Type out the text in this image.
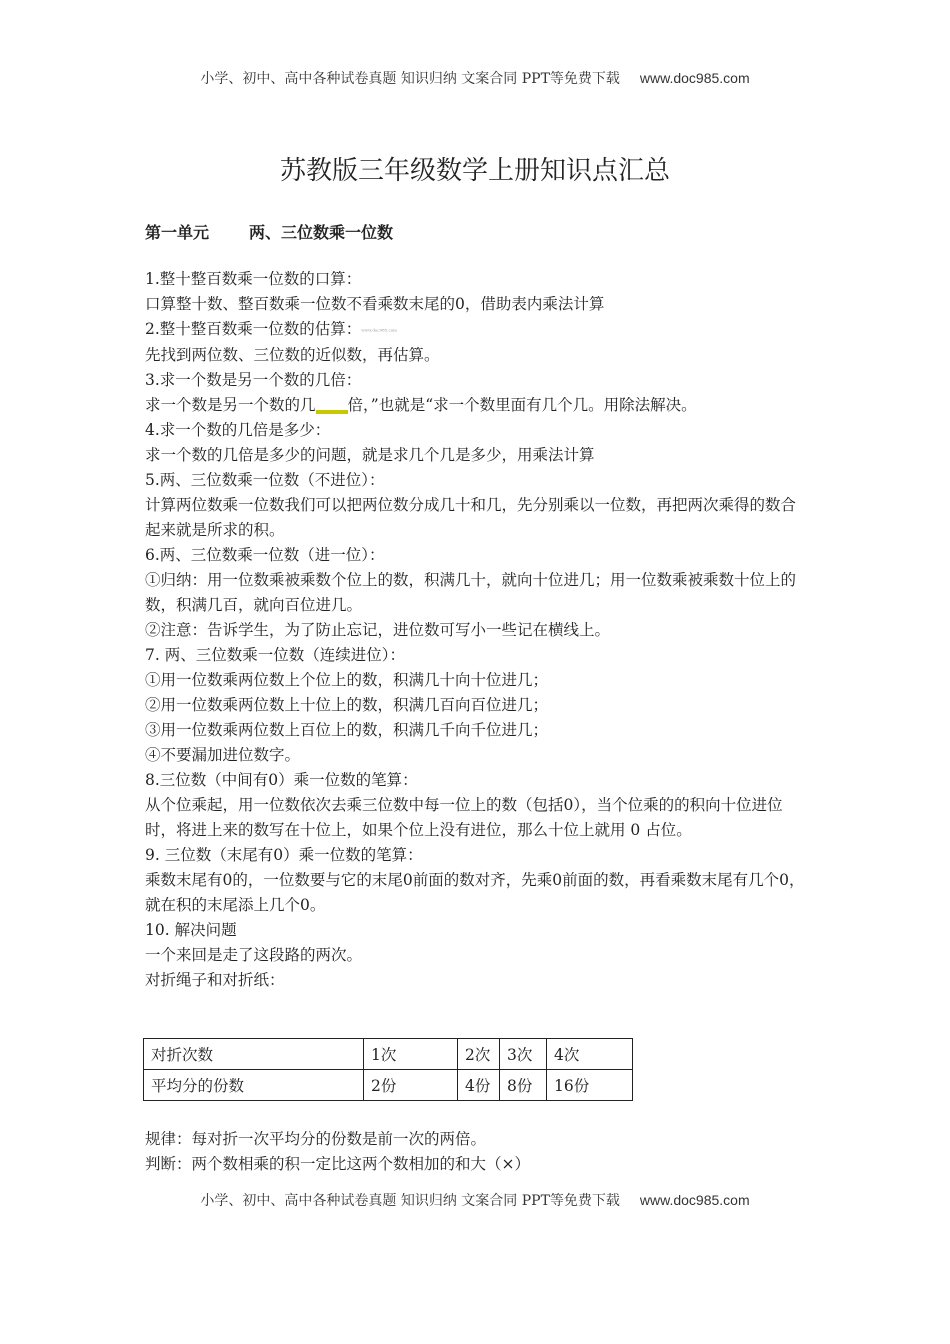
小学、初中、高中各种试卷真题 知识归纳 文案合同 PPT等免费下载 www.doc985.com
苏教版三年级数学上册知识点汇总
第一单元	两、三位数乘一位数

1.整十整百数乘一位数的口算：

口算整十数、整百数乘一位数不看乘数末尾的0，借助表内乘法计算

2.整十整百数乘一位数的估算：www.doc985.com

先找到两位数、三位数的近似数，再估算。

3.求一个数是另一个数的几倍：

求一个数是另一个数的几 倍，”也就是“求一个数里面有几个几。用除法解决。

4.求一个数的几倍是多少：

求一个数的几倍是多少的问题，就是求几个几是多少，用乘法计算

5.两、三位数乘一位数（不进位）：

计算两位数乘一位数我们可以把两位数分成几十和几，先分别乘以一位数，再把两次乘得的数合起来就是所求的积。

6.两、三位数乘一位数（进一位）：

①归纳：用一位数乘被乘数个位上的数，积满几十，就向十位进几；用一位数乘被乘数十位上的数，积满几百，就向百位进几。

②注意：告诉学生，为了防止忘记，进位数可写小一些记在横线上。

7. 两、三位数乘一位数（连续进位）：

①用一位数乘两位数上个位上的数，积满几十向十位进几；

②用一位数乘两位数上十位上的数，积满几百向百位进几；

③用一位数乘两位数上百位上的数，积满几千向千位进几；

④不要漏加进位数字。

8.三位数（中间有0）乘一位数的笔算：

从个位乘起，用一位数依次去乘三位数中每一位上的数（包括0），当个位乘的的积向十位进位时，将进上来的数写在十位上，如果个位上没有进位，那么十位上就用 0 占位。

9. 三位数（末尾有0）乘一位数的笔算：

乘数末尾有0的，一位数要与它的末尾0前面的数对齐，先乘0前面的数，再看乘数末尾有几个0，就在积的末尾添上几个0。

10. 解决问题

一个来回是走了这段路的两次。

对折绳子和对折纸：

对折次数	1次	2次	3次	4次
平均分的份数	2份	4份	8份	16份

规律：每对折一次平均分的份数是前一次的两倍。

判断：两个数相乘的积一定比这两个数相加的和大（×）

小学、初中、高中各种试卷真题 知识归纳 文案合同 PPT等免费下载 www.doc985.com
